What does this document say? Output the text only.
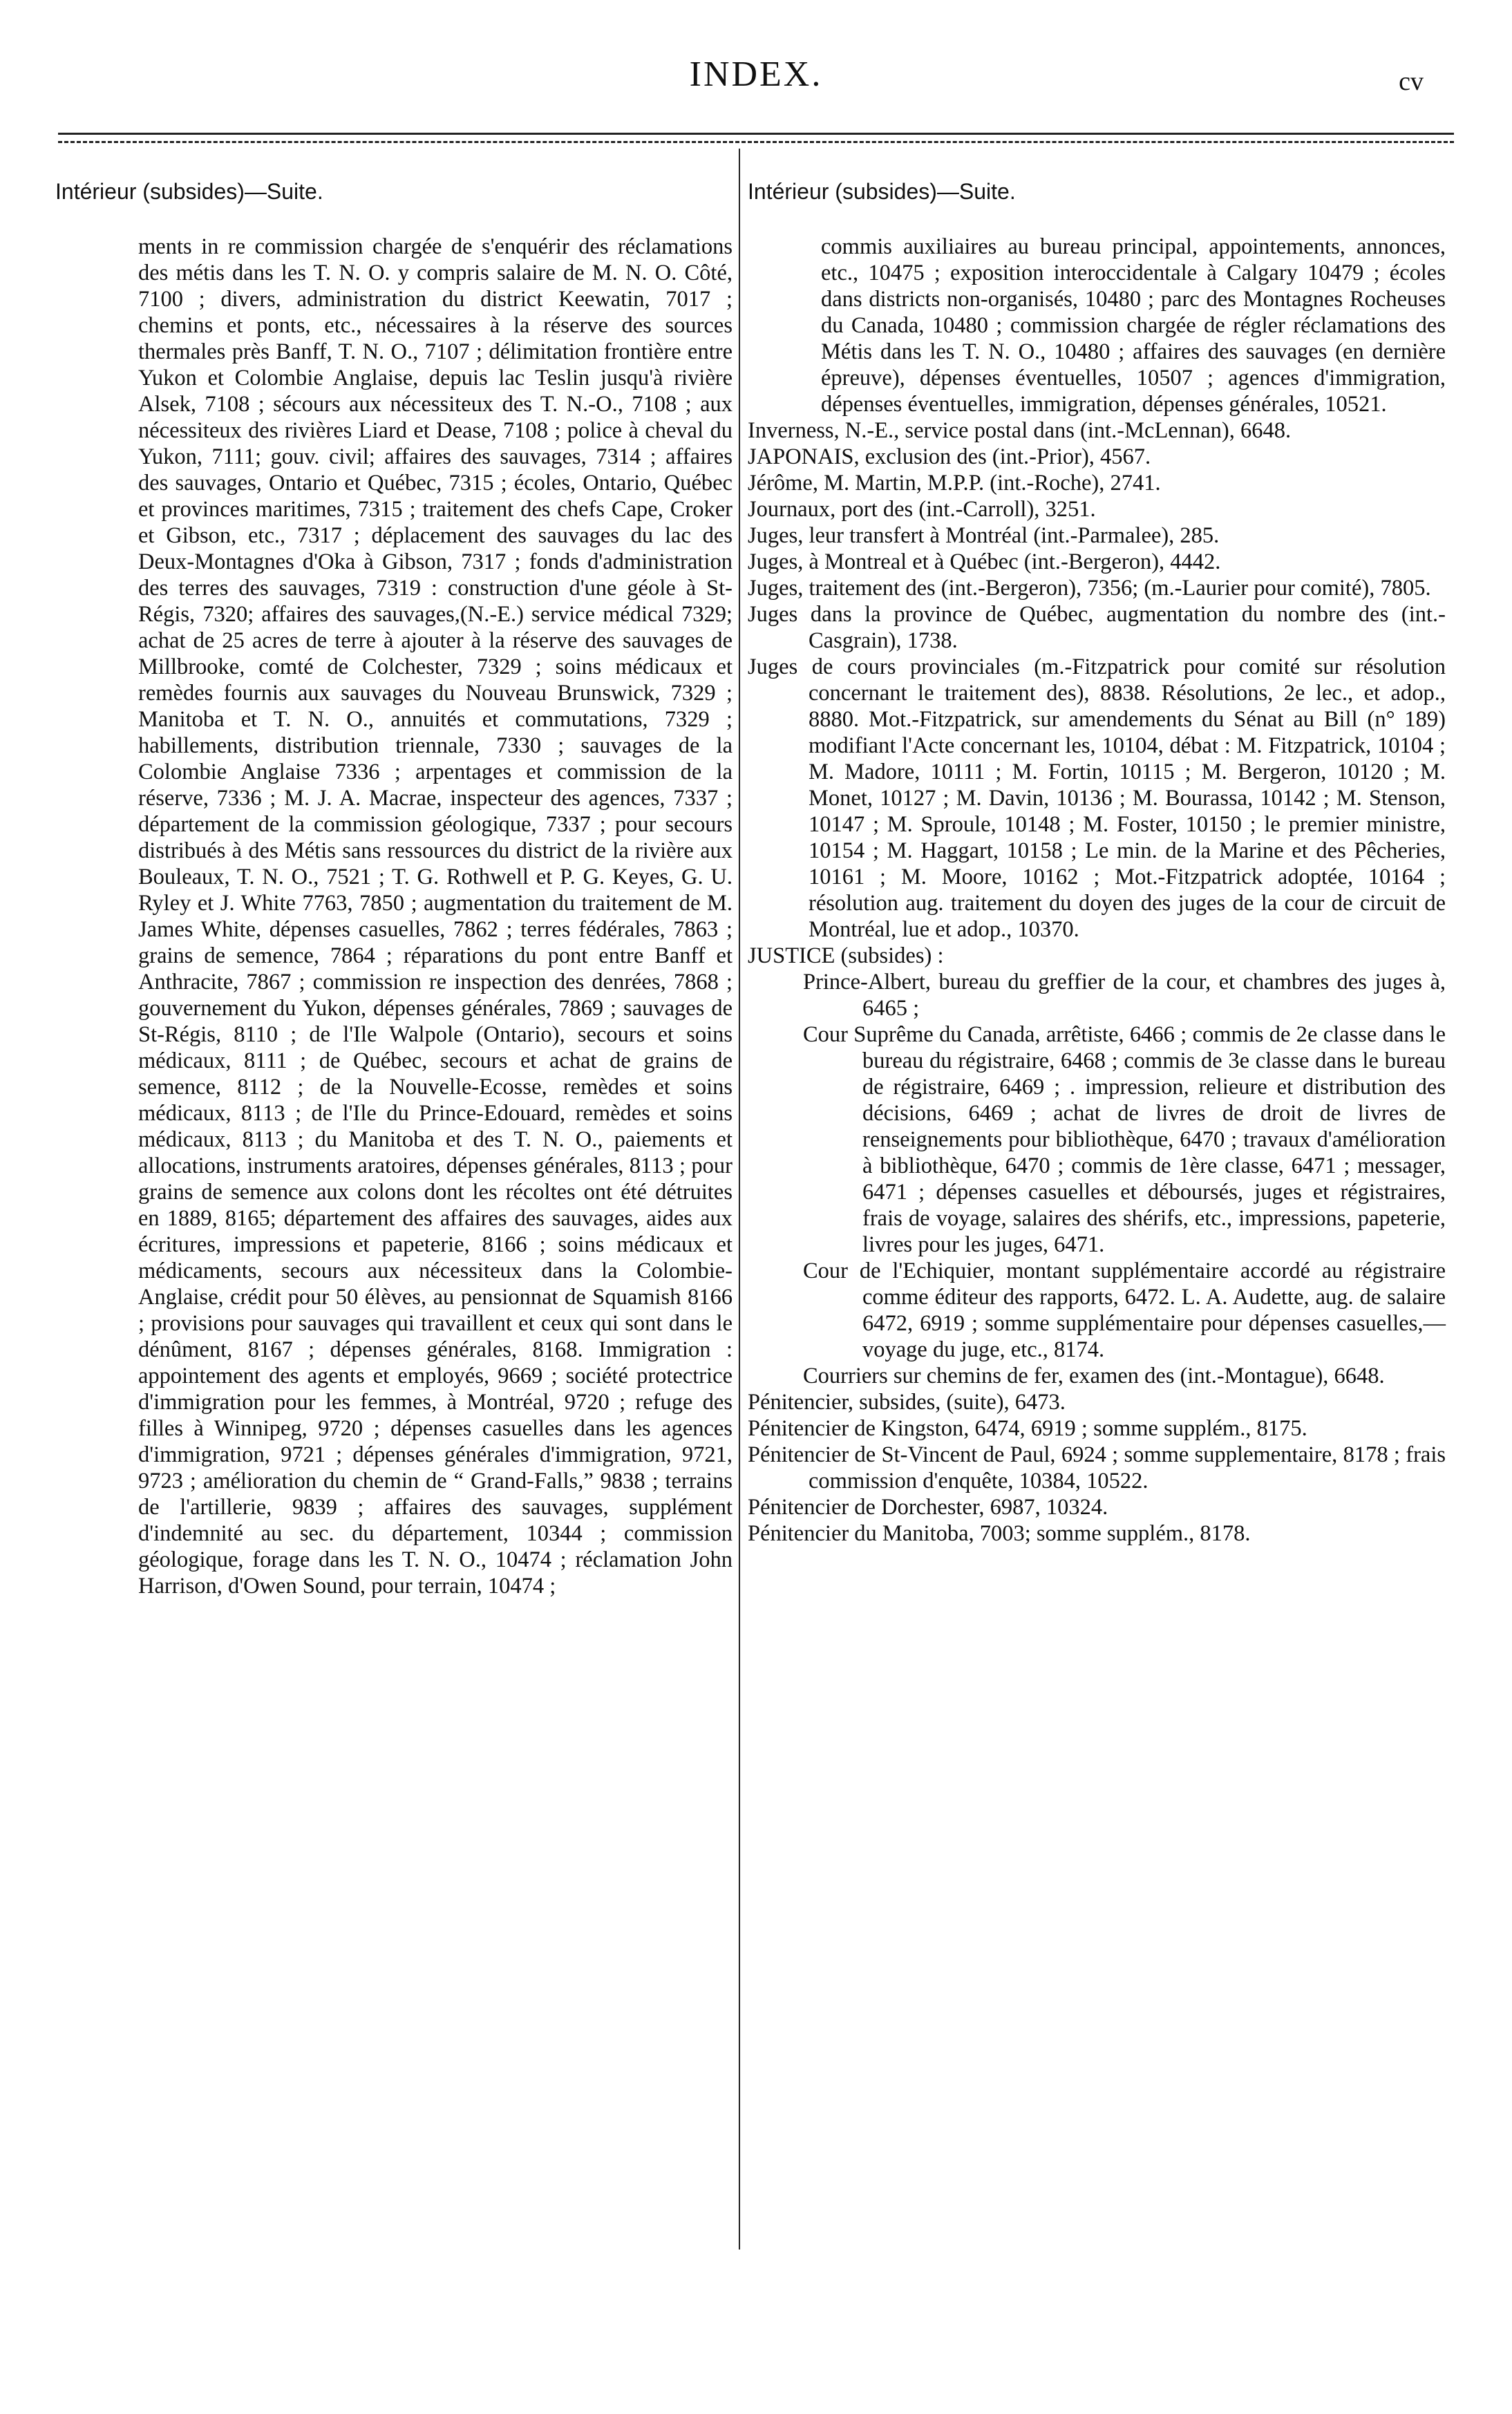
INDEX.	cv
Intérieur (subsides)—Suite.
ments in re commission chargée de s'enquérir des réclamations des métis dans les T. N. O. y compris salaire de M. N. O. Côté, 7100 ; divers, administration du district Keewatin, 7017 ; chemins et ponts, etc., nécessaires à la réserve des sources thermales près Banff, T. N. O., 7107 ; délimitation frontière entre Yukon et Colombie Anglaise, depuis lac Teslin jusqu'à rivière Alsek, 7108 ; sécours aux nécessiteux des T. N.-O., 7108 ; aux nécessiteux des rivières Liard et Dease, 7108 ; police à cheval du Yukon, 7111; gouv. civil; affaires des sauvages, 7314 ; affaires des sauvages, Ontario et Québec, 7315 ; écoles, Ontario, Québec et provinces maritimes, 7315 ; traitement des chefs Cape, Croker et Gibson, etc., 7317 ; déplacement des sauvages du lac des Deux-Montagnes d'Oka à Gibson, 7317 ; fonds d'administration des terres des sauvages, 7319 : construction d'une géole à St-Régis, 7320; affaires des sauvages,(N.-E.) service médical 7329; achat de 25 acres de terre à ajouter à la réserve des sauvages de Millbrooke, comté de Colchester, 7329 ; soins médicaux et remèdes fournis aux sauvages du Nouveau Brunswick, 7329 ; Manitoba et T. N. O., annuités et commutations, 7329 ; habillements, distribution triennale, 7330 ; sauvages de la Colombie Anglaise 7336 ; arpentages et commission de la réserve, 7336 ; M. J. A. Macrae, inspecteur des agences, 7337 ; département de la commission géologique, 7337 ; pour secours distribués à des Métis sans ressources du district de la rivière aux Bouleaux, T. N. O., 7521 ; T. G. Rothwell et P. G. Keyes, G. U. Ryley et J. White 7763, 7850 ; augmentation du traitement de M. James White, dépenses casuelles, 7862 ; terres fédérales, 7863 ; grains de semence, 7864 ; réparations du pont entre Banff et Anthracite, 7867 ; commission re inspection des denrées, 7868 ; gouvernement du Yukon, dépenses générales, 7869 ; sauvages de St-Régis, 8110 ; de l'Ile Walpole (Ontario), secours et soins médicaux, 8111 ; de Québec, secours et achat de grains de semence, 8112 ; de la Nouvelle-Ecosse, remèdes et soins médicaux, 8113 ; de l'Ile du Prince-Edouard, remèdes et soins médicaux, 8113 ; du Manitoba et des T. N. O., paiements et allocations, instruments aratoires, dépenses générales, 8113 ; pour grains de semence aux colons dont les récoltes ont été détruites en 1889, 8165; département des affaires des sauvages, aides aux écritures, impressions et papeterie, 8166 ; soins médicaux et médicaments, secours aux nécessiteux dans la Colombie-Anglaise, crédit pour 50 élèves, au pensionnat de Squamish 8166 ; provisions pour sauvages qui travaillent et ceux qui sont dans le dénûment, 8167 ; dépenses générales, 8168. Immigration : appointement des agents et employés, 9669 ; société protectrice d'immigration pour les femmes, à Montréal, 9720 ; refuge des filles à Winnipeg, 9720 ; dépenses casuelles dans les agences d'immigration, 9721 ; dépenses générales d'immigration, 9721, 9723 ; amélioration du chemin de “ Grand-Falls,” 9838 ; terrains de l'artillerie, 9839 ; affaires des sauvages, supplément d'indemnité au sec. du département, 10344 ; commission géologique, forage dans les T. N. O., 10474 ; réclamation John Harrison, d'Owen Sound, pour terrain, 10474 ;
Intérieur (subsides)—Suite.

commis auxiliaires au bureau principal, appointements, annonces, etc., 10475 ; exposition interoccidentale à Calgary 10479 ; écoles dans districts non-organisés, 10480 ; parc des Montagnes Rocheuses du Canada, 10480 ; commission chargée de régler réclamations des Métis dans les T. N. O., 10480 ; affaires des sauvages (en dernière épreuve), dépenses éventuelles, 10507 ; agences d'immigration, dépenses éventuelles, immigration, dépenses générales, 10521.

Inverness, N.-E., service postal dans (int.-McLennan), 6648.

JAPONAIS, exclusion des (int.-Prior), 4567.

Jérôme, M. Martin, M.P.P. (int.-Roche), 2741.

Journaux, port des (int.-Carroll), 3251.

Juges, leur transfert à Montréal (int.-Parmalee), 285.

Juges, à Montreal et à Québec (int.-Bergeron), 4442.

Juges, traitement des (int.-Bergeron), 7356; (m.-Laurier pour comité), 7805.

Juges dans la province de Québec, augmentation du nombre des (int.-Casgrain), 1738.

Juges de cours provinciales (m.-Fitzpatrick pour comité sur résolution concernant le traitement des), 8838. Résolutions, 2e lec., et adop., 8880. Mot.-Fitzpatrick, sur amendements du Sénat au Bill (n° 189) modifiant l'Acte concernant les, 10104, débat : M. Fitzpatrick, 10104 ; M. Madore, 10111 ; M. Fortin, 10115 ; M. Bergeron, 10120 ; M. Monet, 10127 ; M. Davin, 10136 ; M. Bourassa, 10142 ; M. Stenson, 10147 ; M. Sproule, 10148 ; M. Foster, 10150 ; le premier ministre, 10154 ; M. Haggart, 10158 ; Le min. de la Marine et des Pêcheries, 10161 ; M. Moore, 10162 ; Mot.-Fitzpatrick adoptée, 10164 ; résolution aug. traitement du doyen des juges de la cour de circuit de Montréal, lue et adop., 10370.

JUSTICE (subsides) :

Prince-Albert, bureau du greffier de la cour, et chambres des juges à, 6465 ;

Cour Suprême du Canada, arrêtiste, 6466 ; commis de 2e classe dans le bureau du régistraire, 6468 ; commis de 3e classe dans le bureau de régistraire, 6469 ; . impression, relieure et distribution des décisions, 6469 ; achat de livres de droit de livres de renseignements pour bibliothèque, 6470 ; travaux d'amélioration à bibliothèque, 6470 ; commis de 1ère classe, 6471 ; messager, 6471 ; dépenses casuelles et déboursés, juges et régistraires, frais de voyage, salaires des shérifs, etc., impressions, papeterie, livres pour les juges, 6471.

Cour de l'Echiquier, montant supplémentaire accordé au régistraire comme éditeur des rapports, 6472. L. A. Audette, aug. de salaire 6472, 6919 ; somme supplémentaire pour dépenses casuelles,—voyage du juge, etc., 8174.

Courriers sur chemins de fer, examen des (int.-Montague), 6648.

Pénitencier, subsides, (suite), 6473.

Pénitencier de Kingston, 6474, 6919 ; somme supplém., 8175.

Pénitencier de St-Vincent de Paul, 6924 ; somme supplementaire, 8178 ; frais commission d'enquête, 10384, 10522.

Pénitencier de Dorchester, 6987, 10324.

Pénitencier du Manitoba, 7003; somme supplém., 8178.
